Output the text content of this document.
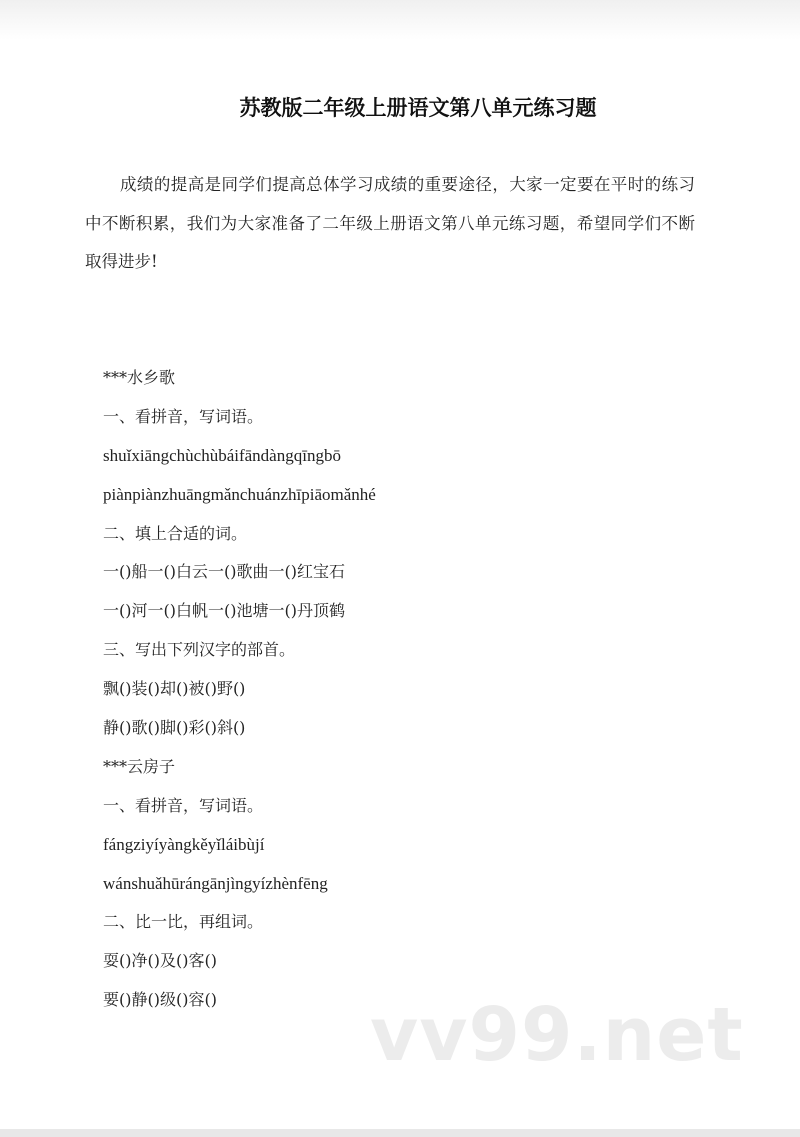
苏教版二年级上册语文第八单元练习题
成绩的提高是同学们提高总体学习成绩的重要途径，大家一定要在平时的练习中不断积累，我们为大家准备了二年级上册语文第八单元练习题，希望同学们不断取得进步!
***水乡歌
一、看拼音，写词语。
shuǐxiāngchùchùbáifāndàngqīngbō
piànpiànzhuāngmǎnchuánzhīpiāomǎnhé
二、填上合适的词。
一()船一()白云一()歌曲一()红宝石
一()河一()白帆一()池塘一()丹顶鹤
三、写出下列汉字的部首。
飘()装()却()被()野()
静()歌()脚()彩()斜()
***云房子
一、看拼音，写词语。
fángziyíyàngkěyǐláibùjí
wánshuǎhūrángānjìngyízhènfēng
二、比一比，再组词。
耍()净()及()客()
要()静()级()容()	vv99.net
